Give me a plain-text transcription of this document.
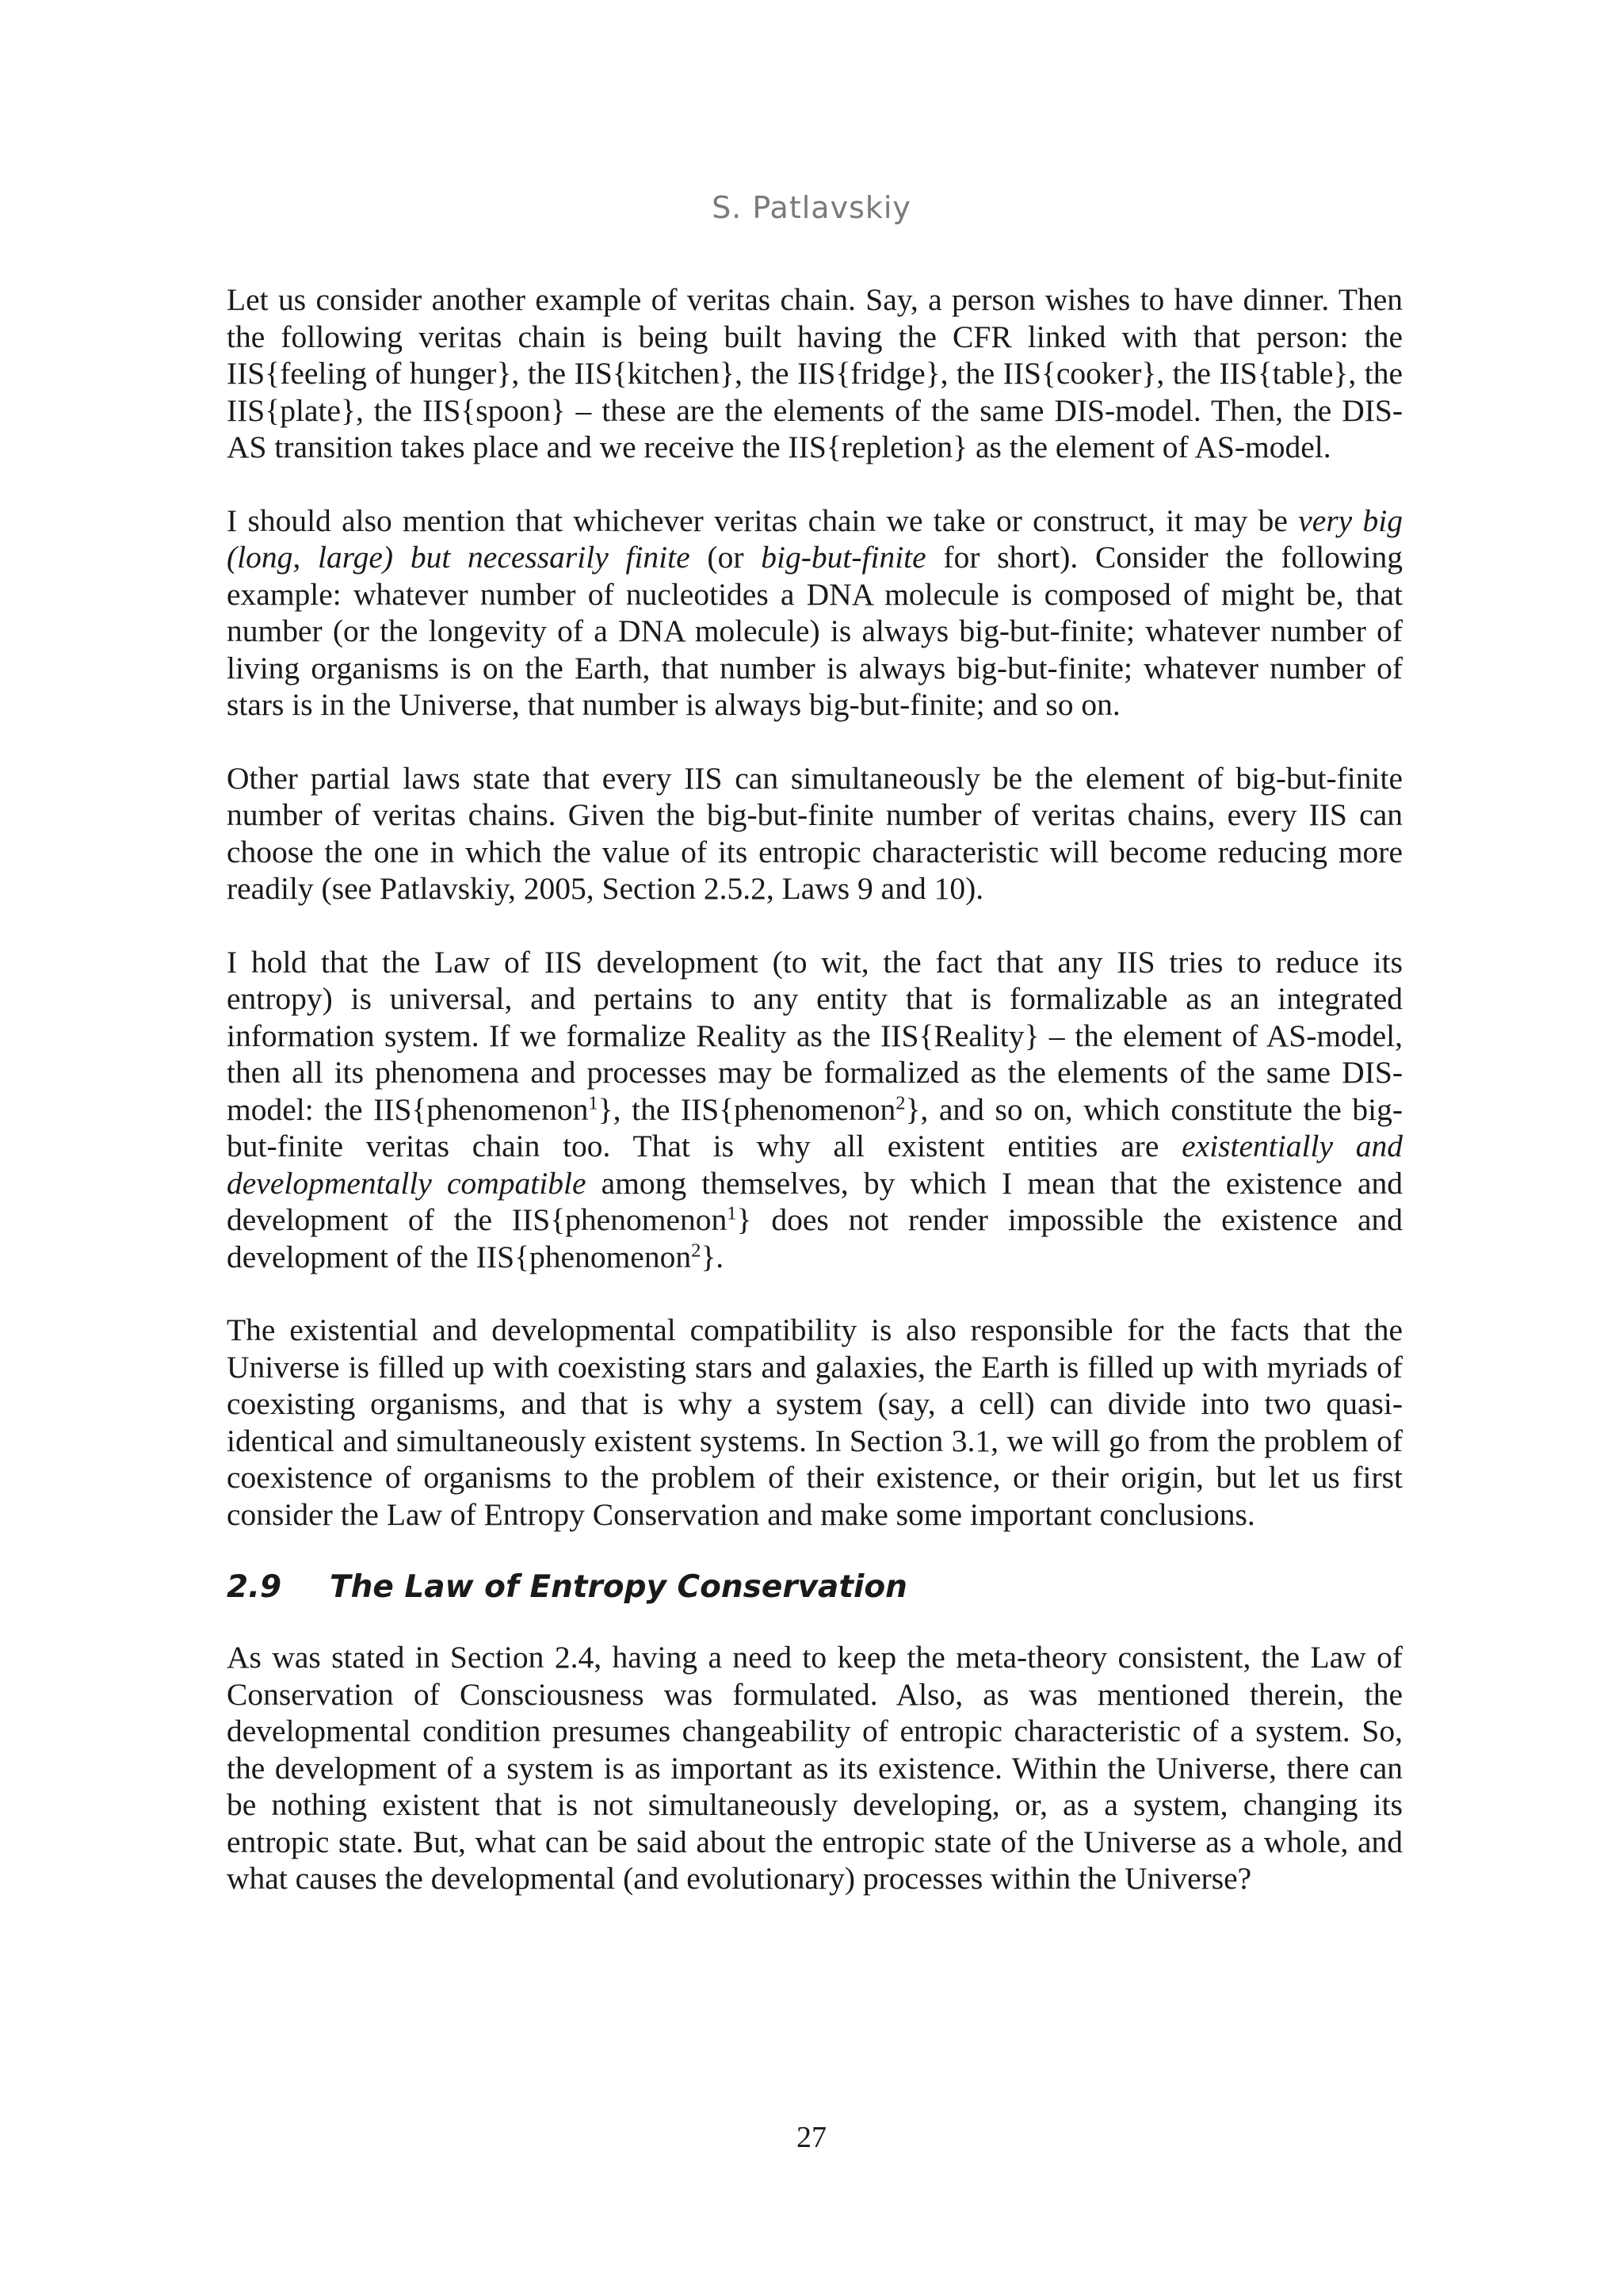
S. Patlavskiy

Let us consider another example of veritas chain. Say, a person wishes to have dinner. Then the following veritas chain is being built having the CFR linked with that person: the IIS{feeling of hunger}, the IIS{kitchen}, the IIS{fridge}, the IIS{cooker}, the IIS{table}, the IIS{plate}, the IIS{spoon} – these are the elements of the same DIS-model. Then, the DIS-AS transition takes place and we receive the IIS{repletion} as the element of AS-model.

I should also mention that whichever veritas chain we take or construct, it may be very big (long, large) but necessarily finite (or big-but-finite for short). Consider the following example: whatever number of nucleotides a DNA molecule is composed of might be, that number (or the longevity of a DNA molecule) is always big-but-finite; whatever number of living organisms is on the Earth, that number is always big-but-finite; whatever number of stars is in the Universe, that number is always big-but-finite; and so on.

Other partial laws state that every IIS can simultaneously be the element of big-but-finite number of veritas chains. Given the big-but-finite number of veritas chains, every IIS can choose the one in which the value of its entropic characteristic will become reducing more readily (see Patlavskiy, 2005, Section 2.5.2, Laws 9 and 10).

I hold that the Law of IIS development (to wit, the fact that any IIS tries to reduce its entropy) is universal, and pertains to any entity that is formalizable as an integrated information system. If we formalize Reality as the IIS{Reality} – the element of AS-model, then all its phenomena and processes may be formalized as the elements of the same DIS-model: the IIS{phenomenon$^1$}, the IIS{phenomenon$^2$}, and so on, which constitute the big-but-finite veritas chain too. That is why all existent entities are existentially and developmentally compatible among themselves, by which I mean that the existence and development of the IIS{phenomenon$^1$} does not render impossible the existence and development of the IIS{phenomenon$^2$}.

The existential and developmental compatibility is also responsible for the facts that the Universe is filled up with coexisting stars and galaxies, the Earth is filled up with myriads of coexisting organisms, and that is why a system (say, a cell) can divide into two quasi-identical and simultaneously existent systems. In Section 3.1, we will go from the problem of coexistence of organisms to the problem of their existence, or their origin, but let us first consider the Law of Entropy Conservation and make some important conclusions.

2.9 The Law of Entropy Conservation

As was stated in Section 2.4, having a need to keep the meta-theory consistent, the Law of Conservation of Consciousness was formulated. Also, as was mentioned therein, the developmental condition presumes changeability of entropic characteristic of a system. So, the development of a system is as important as its existence. Within the Universe, there can be nothing existent that is not simultaneously developing, or, as a system, changing its entropic state. But, what can be said about the entropic state of the Universe as a whole, and what causes the developmental (and evolutionary) processes within the Universe?

27
